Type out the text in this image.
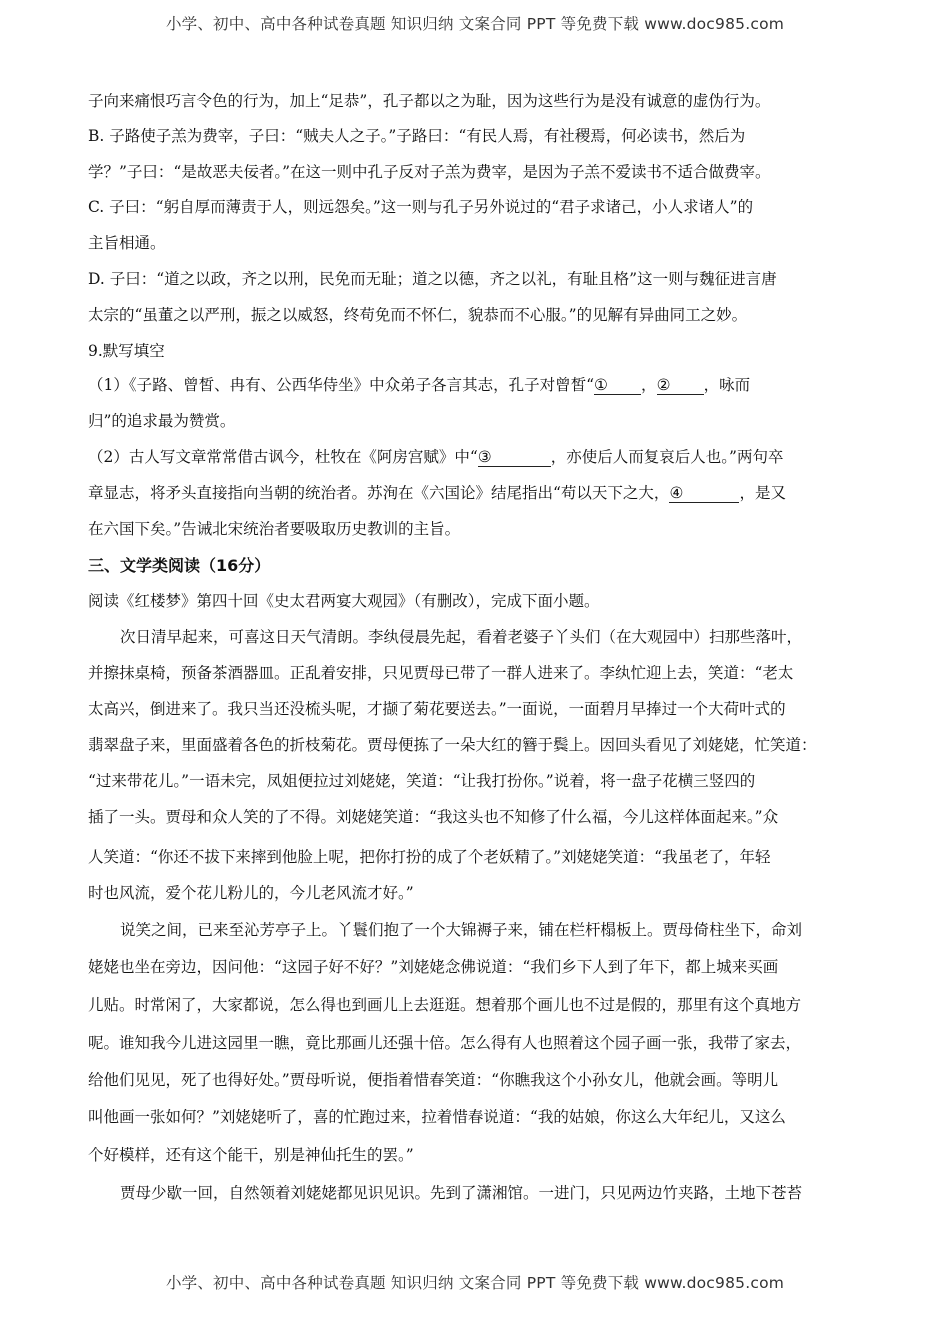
小学、初中、高中各种试卷真题 知识归纳 文案合同 PPT 等免费下载 www.doc985.com
子向来痛恨巧言令色的行为，加上“足恭”，孔子都以之为耻，因为这些行为是没有诚意的虚伪行为。
B. 子路使子羔为费宰，子曰：“贼夫人之子。”子路曰：“有民人焉，有社稷焉，何必读书，然后为
学？”子曰：“是故恶夫佞者。”在这一则中孔子反对子羔为费宰，是因为子羔不爱读书不适合做费宰。
C. 子曰：“躬自厚而薄责于人，则远怨矣。”这一则与孔子另外说过的“君子求诸己，小人求诸人”的
主旨相通。
D. 子曰：“道之以政，齐之以刑，民免而无耻；道之以德，齐之以礼，有耻且格”这一则与魏征进言唐
太宗的“虽董之以严刑，振之以威怒，终苟免而不怀仁，貌恭而不心服。”的见解有异曲同工之妙。
9.默写填空
（1）《子路、曾皙、冉有、公西华侍坐》中众弟子各言其志，孔子对曾皙“① ，② ，咏而
归”的追求最为赞赏。
（2）古人写文章常常借古讽今，杜牧在《阿房宫赋》中“③	，亦使后人而复哀后人也。”两句卒
章显志，将矛头直接指向当朝的统治者。苏洵在《六国论》结尾指出“苟以天下之大，④	，是又
在六国下矣。”告诫北宋统治者要吸取历史教训的主旨。
三、文学类阅读（16分）
阅读《红楼梦》第四十回《史太君两宴大观园》（有删改），完成下面小题。
次日清早起来，可喜这日天气清朗。李纨侵晨先起，看着老婆子丫头们（在大观园中）扫那些落叶，
并擦抹桌椅，预备茶酒器皿。正乱着安排，只见贾母已带了一群人进来了。李纨忙迎上去，笑道：“老太
太高兴，倒进来了。我只当还没梳头呢，才撷了菊花要送去。”一面说，一面碧月早捧过一个大荷叶式的
翡翠盘子来，里面盛着各色的折枝菊花。贾母便拣了一朵大红的簪于鬓上。因回头看见了刘姥姥，忙笑道：
“过来带花儿。”一语未完，凤姐便拉过刘姥姥，笑道：“让我打扮你。”说着，将一盘子花横三竖四的
插了一头。贾母和众人笑的了不得。刘姥姥笑道：“我这头也不知修了什么福，今儿这样体面起来。”众
人笑道：“你还不拔下来摔到他脸上呢，把你打扮的成了个老妖精了。”刘姥姥笑道：“我虽老了，年轻
时也风流，爱个花儿粉儿的，今儿老风流才好。”
说笑之间，已来至沁芳亭子上。丫鬟们抱了一个大锦褥子来，铺在栏杆榻板上。贾母倚柱坐下，命刘
姥姥也坐在旁边，因问他：“这园子好不好？”刘姥姥念佛说道：“我们乡下人到了年下，都上城来买画
儿贴。时常闲了，大家都说，怎么得也到画儿上去逛逛。想着那个画儿也不过是假的，那里有这个真地方
呢。谁知我今儿进这园里一瞧，竟比那画儿还强十倍。怎么得有人也照着这个园子画一张，我带了家去，
给他们见见，死了也得好处。”贾母听说，便指着惜春笑道：“你瞧我这个小孙女儿，他就会画。等明儿
叫他画一张如何？”刘姥姥听了，喜的忙跑过来，拉着惜春说道：“我的姑娘，你这么大年纪儿，又这么
个好模样，还有这个能干，别是神仙托生的罢。”
贾母少歇一回，自然领着刘姥姥都见识见识。先到了潇湘馆。一进门，只见两边竹夹路，土地下苍苔
小学、初中、高中各种试卷真题 知识归纳 文案合同 PPT 等免费下载 www.doc985.com
